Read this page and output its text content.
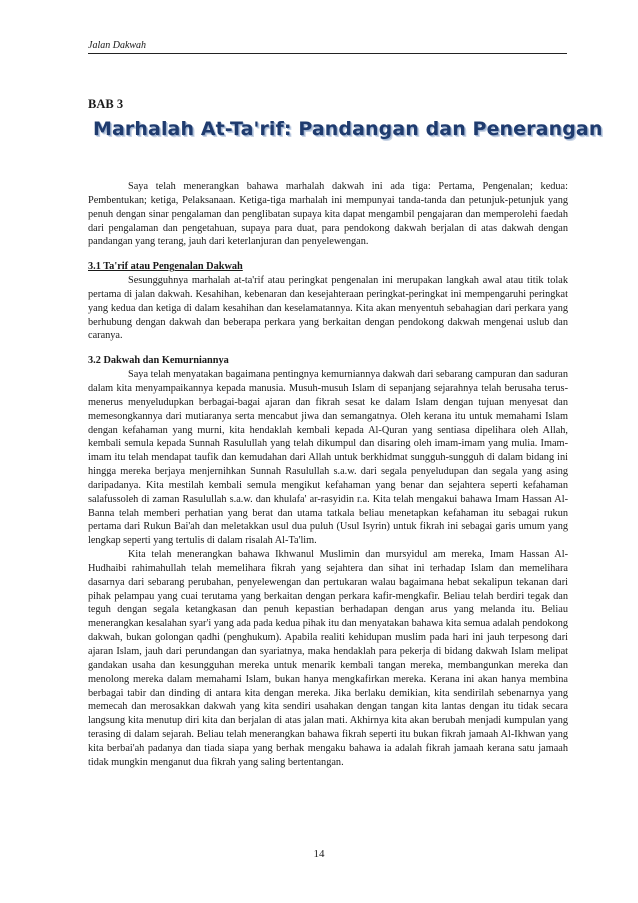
Jalan Dakwah
BAB 3
Marhalah At-Ta'rif: Pandangan dan Penerangan

Saya telah menerangkan bahawa marhalah dakwah ini ada tiga: Pertama, Pengenalan; kedua: Pembentukan; ketiga, Pelaksanaan. Ketiga-tiga marhalah ini mempunyai tanda-tanda dan petunjuk-petunjuk yang penuh dengan sinar pengalaman dan penglibatan supaya kita dapat mengambil pengajaran dan memperolehi faedah dari pengalaman dan pengetahuan, supaya para duat, para pendokong dakwah berjalan di atas dakwah dengan pandangan yang terang, jauh dari keterlanjuran dan penyelewengan.

3.1 Ta'rif atau Pengenalan Dakwah

Sesungguhnya marhalah at-ta'rif atau peringkat pengenalan ini merupakan langkah awal atau titik tolak pertama di jalan dakwah. Kesahihan, kebenaran dan kesejahteraan peringkat-peringkat ini mempengaruhi peringkat yang kedua dan ketiga di dalam kesahihan dan keselamatannya. Kita akan menyentuh sebahagian dari perkara yang berhubung dengan dakwah dan beberapa perkara yang berkaitan dengan pendokong dakwah mengenai uslub dan caranya.

3.2 Dakwah dan Kemurniannya

Saya telah menyatakan bagaimana pentingnya kemurniannya dakwah dari sebarang campuran dan saduran dalam kita menyampaikannya kepada manusia. Musuh-musuh Islam di sepanjang sejarahnya telah berusaha terus-menerus menyeludupkan berbagai-bagai ajaran dan fikrah sesat ke dalam Islam dengan tujuan menyesat dan memesongkannya dari mutiaranya serta mencabut jiwa dan semangatnya. Oleh kerana itu untuk memahami Islam dengan kefahaman yang murni, kita hendaklah kembali kepada Al-Quran yang sentiasa dipelihara oleh Allah, kembali semula kepada Sunnah Rasulullah yang telah dikumpul dan disaring oleh imam-imam yang mulia. Imam-imam itu telah mendapat taufik dan kemudahan dari Allah untuk berkhidmat sungguh-sungguh di dalam bidang ini hingga mereka berjaya menjernihkan Sunnah Rasulullah s.a.w. dari segala penyeludupan dan segala yang asing daripadanya. Kita mestilah kembali semula mengikut kefahaman yang benar dan sejahtera seperti kefahaman salafussoleh di zaman Rasulullah s.a.w. dan khulafa' ar-rasyidin r.a. Kita telah mengakui bahawa Imam Hassan Al-Banna telah memberi perhatian yang berat dan utama tatkala beliau menetapkan kefahaman itu sebagai rukun pertama dari Rukun Bai'ah dan meletakkan usul dua puluh (Usul Isyrin) untuk fikrah ini sebagai garis umum yang lengkap seperti yang tertulis di dalam risalah Al-Ta'lim.

Kita telah menerangkan bahawa Ikhwanul Muslimin dan mursyidul am mereka, Imam Hassan Al-Hudhaibi rahimahullah telah memelihara fikrah yang sejahtera dan sihat ini terhadap Islam dan memelihara dasarnya dari sebarang perubahan, penyelewengan dan pertukaran walau bagaimana hebat sekalipun tekanan dari pihak pelampau yang cuai terutama yang berkaitan dengan perkara kafir-mengkafir. Beliau telah berdiri tegak dan teguh dengan segala ketangkasan dan penuh kepastian berhadapan dengan arus yang melanda itu. Beliau menerangkan kesalahan syar'i yang ada pada kedua pihak itu dan menyatakan bahawa kita semua adalah pendokong dakwah, bukan golongan qadhi (penghukum). Apabila realiti kehidupan muslim pada hari ini jauh terpesong dari ajaran Islam, jauh dari perundangan dan syariatnya, maka hendaklah para pekerja di bidang dakwah Islam melipat gandakan usaha dan kesungguhan mereka untuk menarik kembali tangan mereka, membangunkan mereka dan menolong mereka dalam memahami Islam, bukan hanya mengkafirkan mereka. Kerana ini akan hanya membina berbagai tabir dan dinding di antara kita dengan mereka. Jika berlaku demikian, kita sendirilah sebenarnya yang memecah dan merosakkan dakwah yang kita sendiri usahakan dengan tangan kita lantas dengan itu tidak secara langsung kita menutup diri kita dan berjalan di atas jalan mati. Akhirnya kita akan berubah menjadi kumpulan yang terasing di dalam sejarah. Beliau telah menerangkan bahawa fikrah seperti itu bukan fikrah jamaah Al-Ikhwan yang kita berbai'ah padanya dan tiada siapa yang berhak mengaku bahawa ia adalah fikrah jamaah kerana satu jamaah tidak mungkin menganut dua fikrah yang saling bertentangan.

14
